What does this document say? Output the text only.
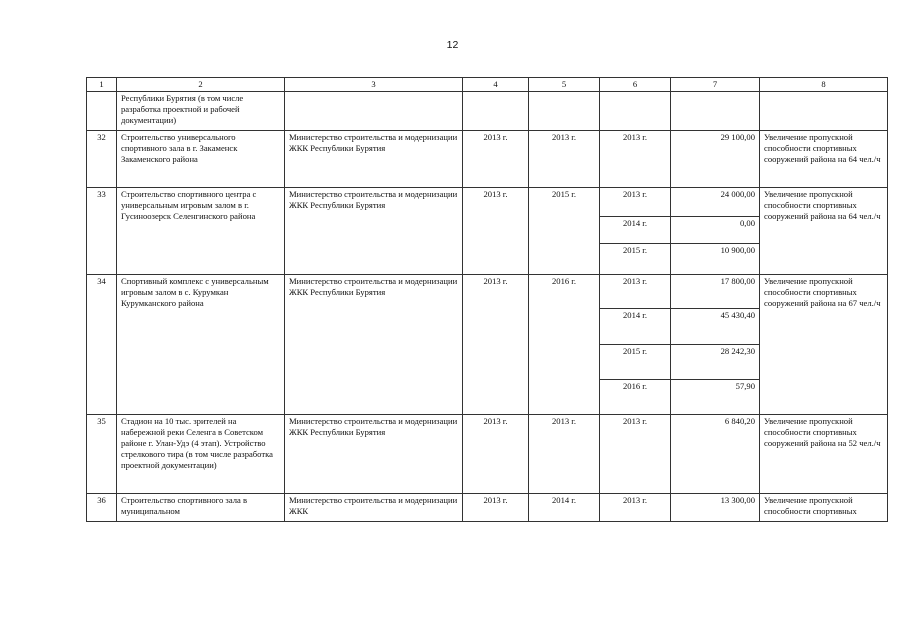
12
1	2	3	4	5	6	7	8
	Республики Бурятия (в том числе разработка проектной и рабочей документации)						
32	Строительство универсального спортивного зала в г. Закаменск Закаменского района	Министерство строительства и модернизации ЖКК Республики Бурятия	2013 г.	2013 г.	2013 г.	29 100,00	Увеличение пропускной способности спортивных сооружений района на 64 чел./ч
33	Строительство спортивного центра с универсальным игровым залом в г. Гусиноозерск Селенгинского района	Министерство строительства и модернизации ЖКК Республики Бурятия	2013 г.	2015 г.	2013 г.	24 000,00	Увеличение пропускной способности спортивных сооружений района на 64 чел./ч
					2014 г.	0,00	
					2015 г.	10 900,00	
34	Спортивный комплекс с универсальным игровым залом в с. Курумкан Курумканского района	Министерство строительства и модернизации ЖКК Республики Бурятия	2013 г.	2016 г.	2013 г.	17 800,00	Увеличение пропускной способности спортивных сооружений района на 67 чел./ч
					2014 г.	45 430,40	
					2015 г.	28 242,30	
					2016 г.	57,90	
35	Стадион на 10 тыс. зрителей на набережной реки Селенга в Советском районе г. Улан-Удэ (4 этап). Устройство стрелкового тира (в том числе разработка проектной документации)	Министерство строительства и модернизации ЖКК Республики Бурятия	2013 г.	2013 г.	2013 г.	6 840,20	Увеличение пропускной способности спортивных сооружений района на 52 чел./ч
36	Строительство спортивного зала в муниципальном	Министерство строительства и модернизации ЖКК	2013 г.	2014 г.	2013 г.	13 300,00	Увеличение пропускной способности спортивных
